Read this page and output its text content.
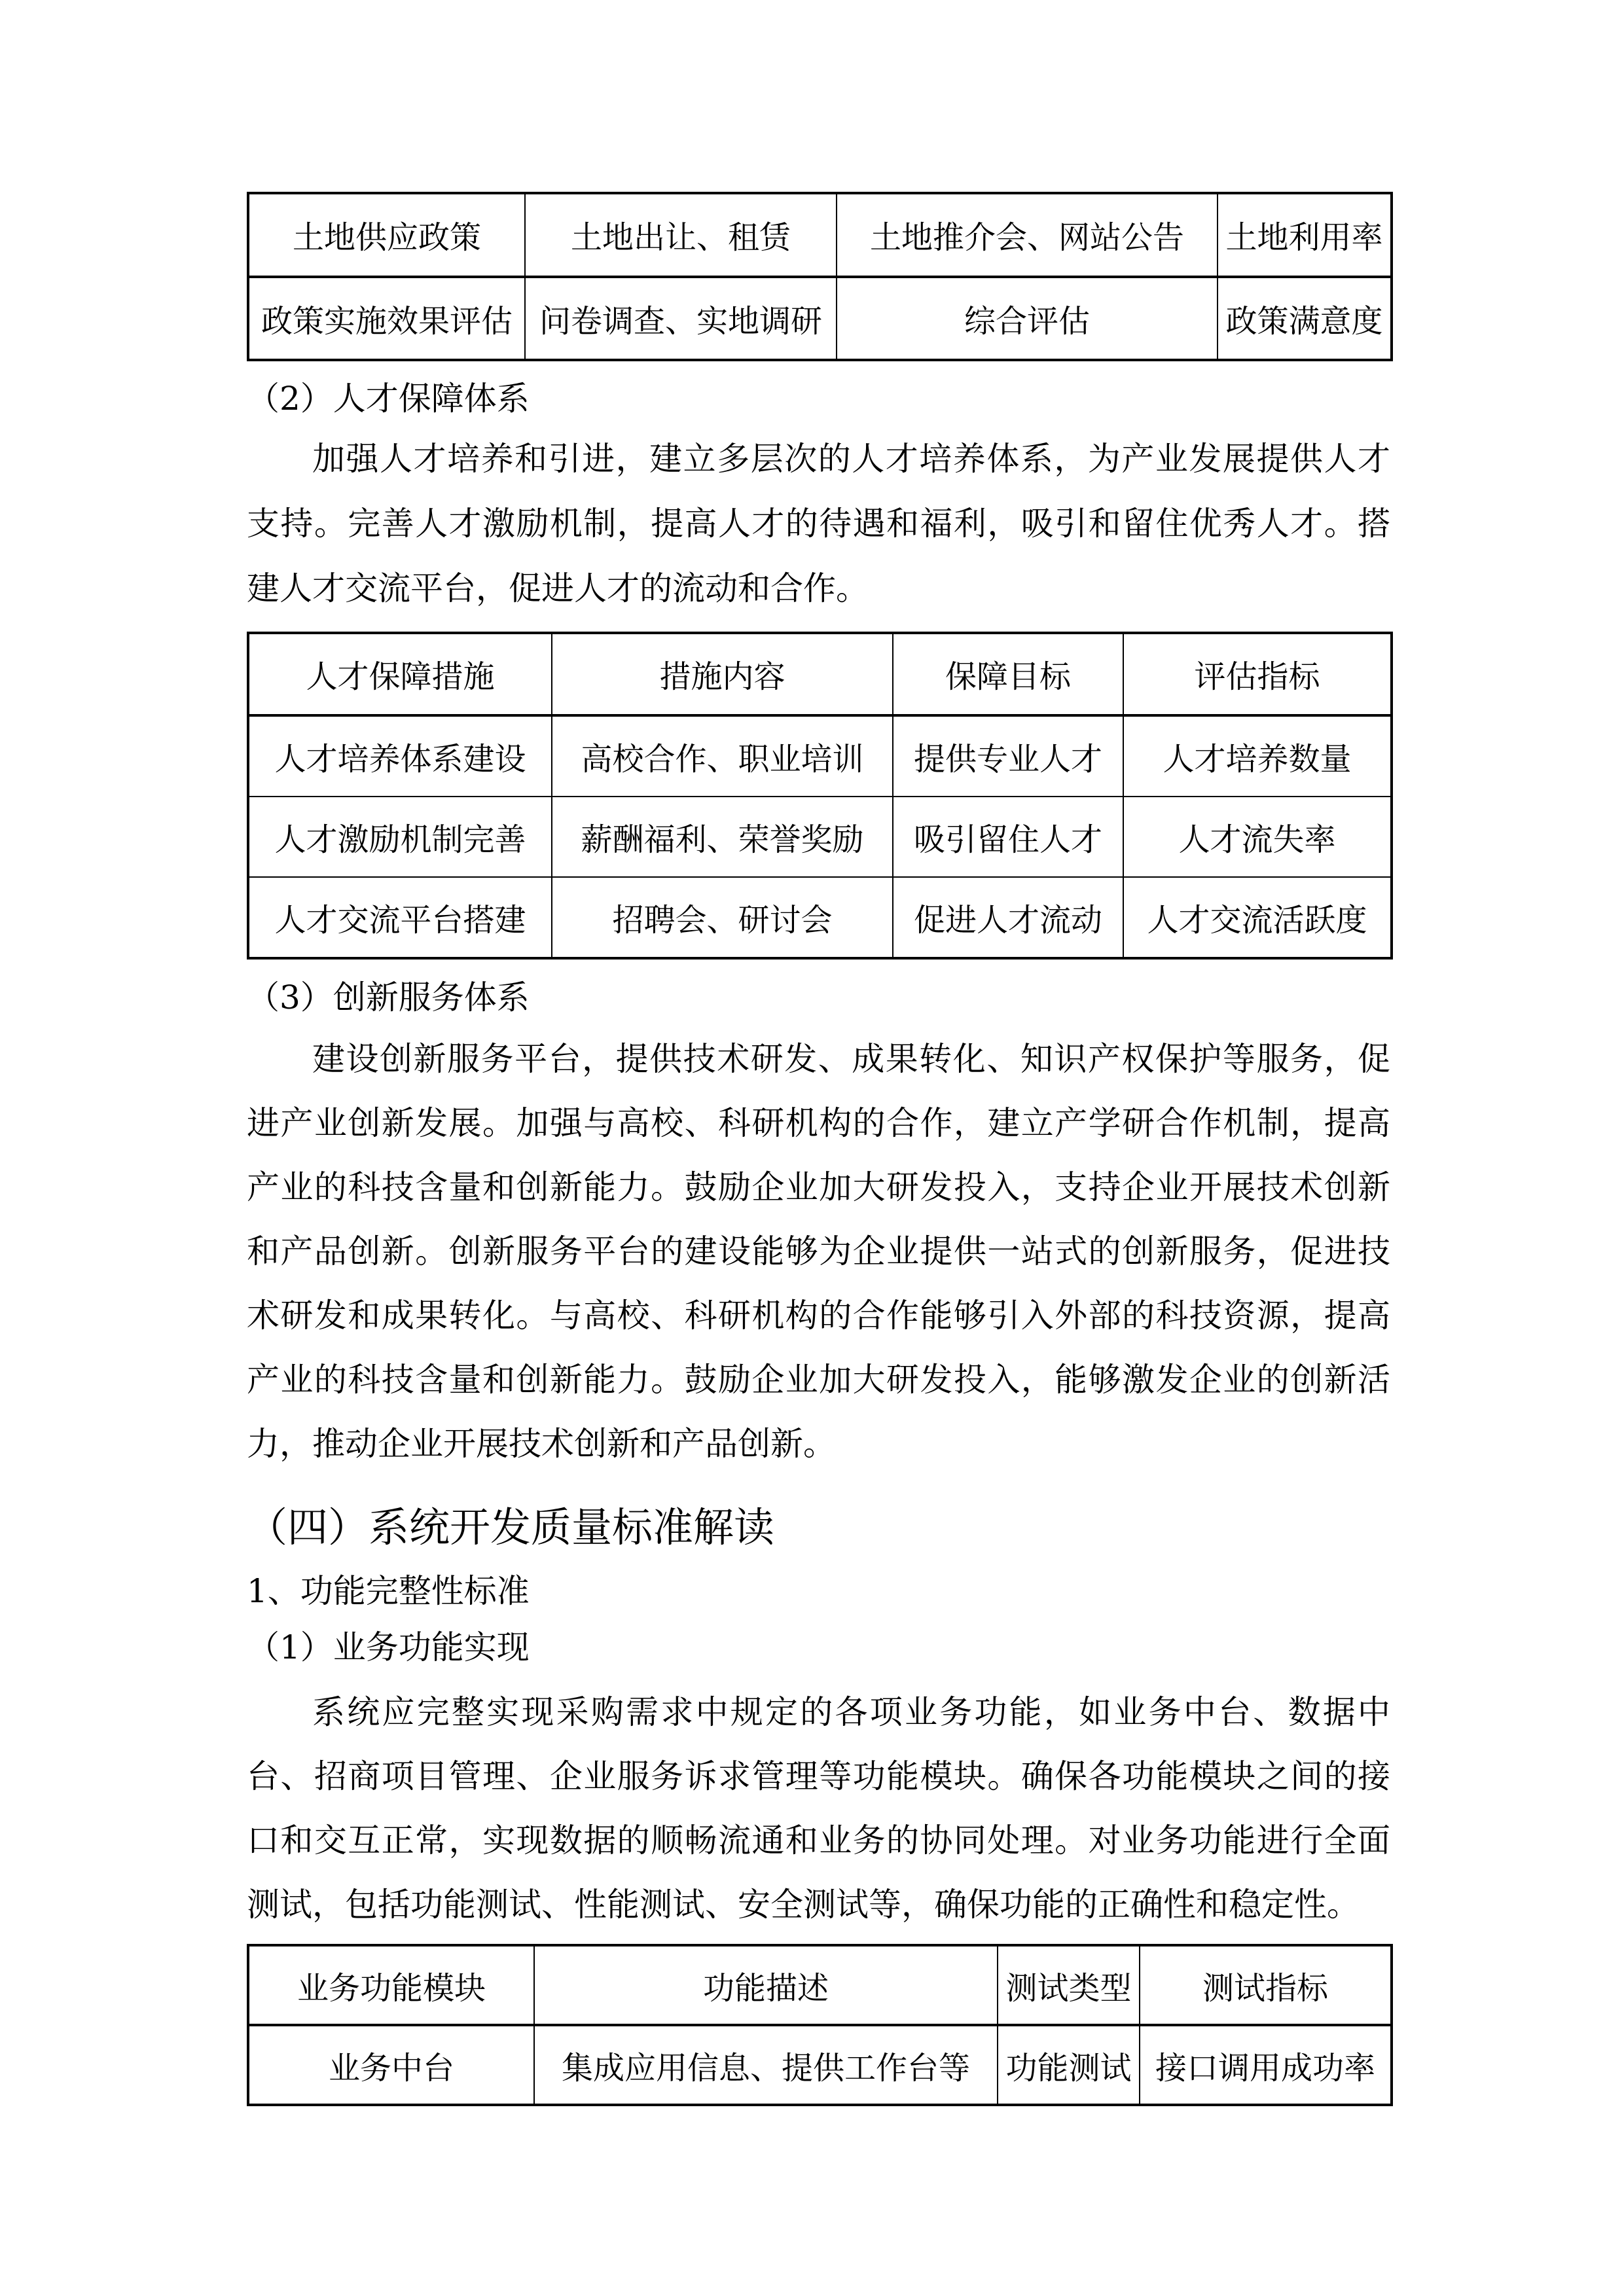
土地供应政策	土地出让、租赁	土地推介会、网站公告	土地利用率
政策实施效果评估	问卷调查、实地调研	综合评估	政策满意度
（2）人才保障体系

加强人才培养和引进，建立多层次的人才培养体系，为产业发展提供人才支持。完善人才激励机制，提高人才的待遇和福利，吸引和留住优秀人才。搭建人才交流平台，促进人才的流动和合作。

人才保障措施	措施内容	保障目标	评估指标
人才培养体系建设	高校合作、职业培训	提供专业人才	人才培养数量
人才激励机制完善	薪酬福利、荣誉奖励	吸引留住人才	人才流失率
人才交流平台搭建	招聘会、研讨会	促进人才流动	人才交流活跃度
（3）创新服务体系

建设创新服务平台，提供技术研发、成果转化、知识产权保护等服务，促进产业创新发展。加强与高校、科研机构的合作，建立产学研合作机制，提高产业的科技含量和创新能力。鼓励企业加大研发投入，支持企业开展技术创新和产品创新。创新服务平台的建设能够为企业提供一站式的创新服务，促进技术研发和成果转化。与高校、科研机构的合作能够引入外部的科技资源，提高产业的科技含量和创新能力。鼓励企业加大研发投入，能够激发企业的创新活力，推动企业开展技术创新和产品创新。

（四）系统开发质量标准解读
1、功能完整性标准
（1）业务功能实现

系统应完整实现采购需求中规定的各项业务功能，如业务中台、数据中台、招商项目管理、企业服务诉求管理等功能模块。确保各功能模块之间的接口和交互正常，实现数据的顺畅流通和业务的协同处理。对业务功能进行全面测试，包括功能测试、性能测试、安全测试等，确保功能的正确性和稳定性。

业务功能模块	功能描述	测试类型	测试指标
业务中台	集成应用信息、提供工作台等	功能测试	接口调用成功率
